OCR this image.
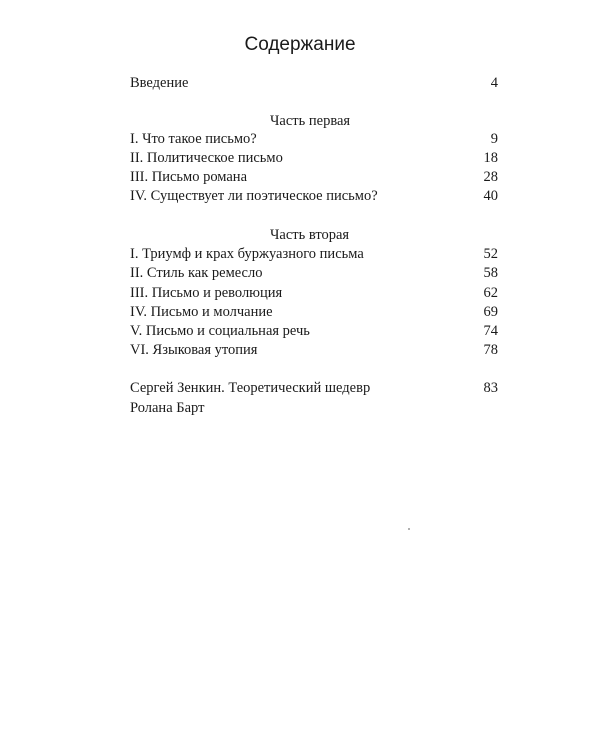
Содержание
Введение	4
Часть первая
I. Что такое письмо?	9
II. Политическое письмо	18
III. Письмо романа	28
IV. Существует ли поэтическое письмо?	40
Часть вторая
I. Триумф и крах буржуазного письма	52
II. Стиль как ремесло	58
III. Письмо и революция	62
IV. Письмо и молчание	69
V. Письмо и социальная речь	74
VI. Языковая утопия	78
Сергей Зенкин. Теоретический шедевр	83
Ролана Барт
